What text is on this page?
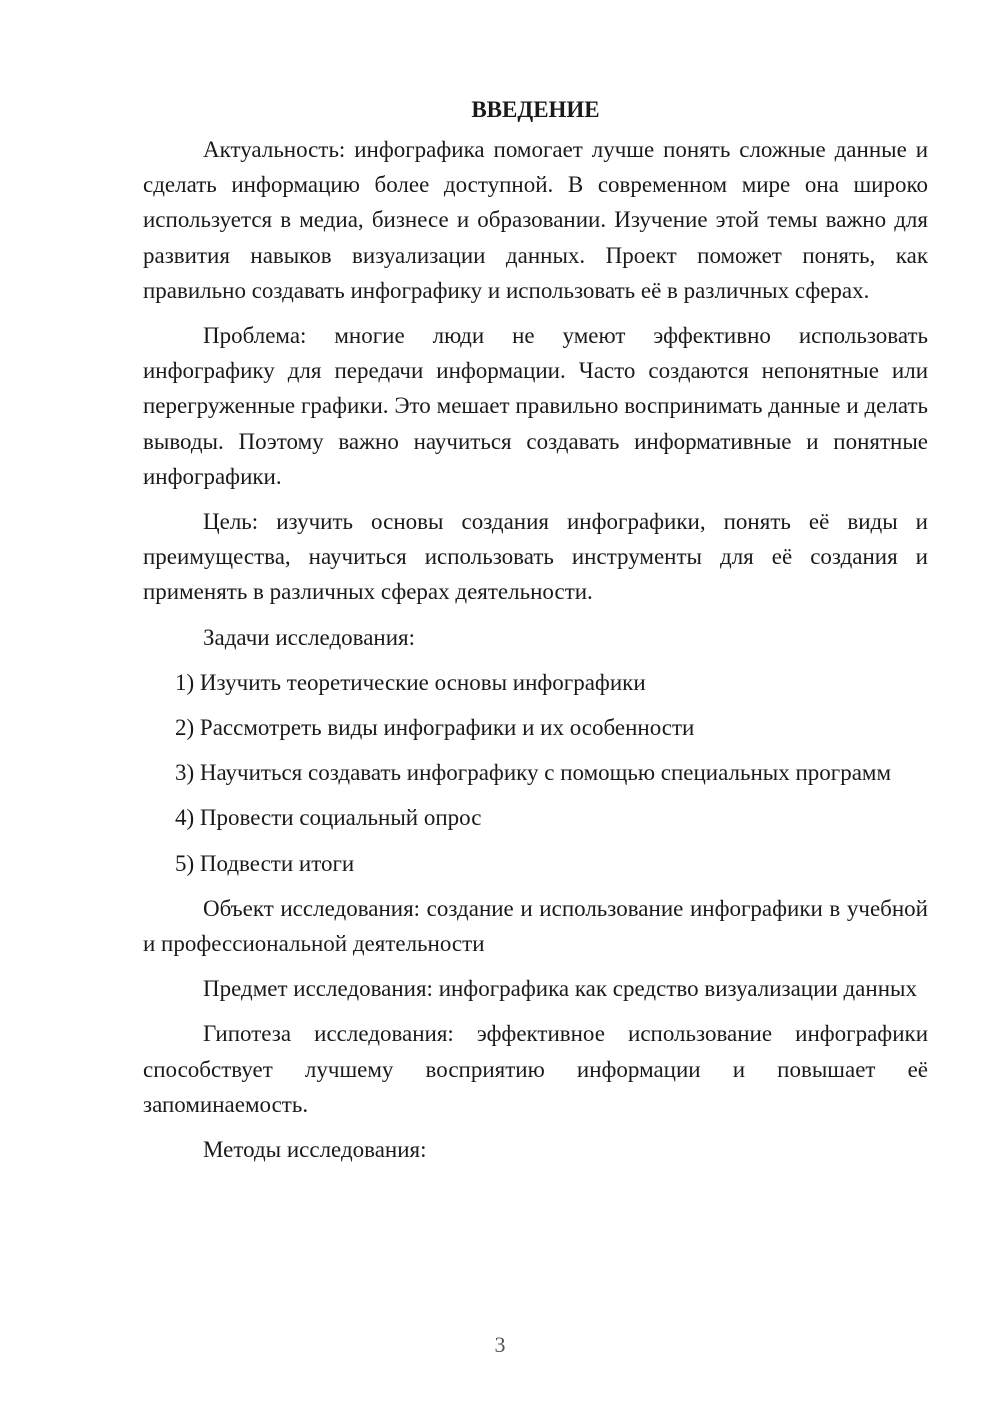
ВВЕДЕНИЕ

Актуальность: инфографика помогает лучше понять сложные данные и сделать информацию более доступной. В современном мире она широко используется в медиа, бизнесе и образовании. Изучение этой темы важно для развития навыков визуализации данных. Проект поможет понять, как правильно создавать инфографику и использовать её в различных сферах.

Проблема: многие люди не умеют эффективно использовать инфографику для передачи информации. Часто создаются непонятные или перегруженные графики. Это мешает правильно воспринимать данные и делать выводы. Поэтому важно научиться создавать информативные и понятные инфографики.

Цель: изучить основы создания инфографики, понять её виды и преимущества, научиться использовать инструменты для её создания и применять в различных сферах деятельности.

Задачи исследования:

1) Изучить теоретические основы инфографики

2) Рассмотреть виды инфографики и их особенности

3) Научиться создавать инфографику с помощью специальных программ

4) Провести социальный опрос

5) Подвести итоги

Объект исследования: создание и использование инфографики в учебной и профессиональной деятельности

Предмет исследования: инфографика как средство визуализации данных

Гипотеза исследования: эффективное использование инфографики способствует лучшему восприятию информации и повышает её запоминаемость.

Методы исследования:

3
